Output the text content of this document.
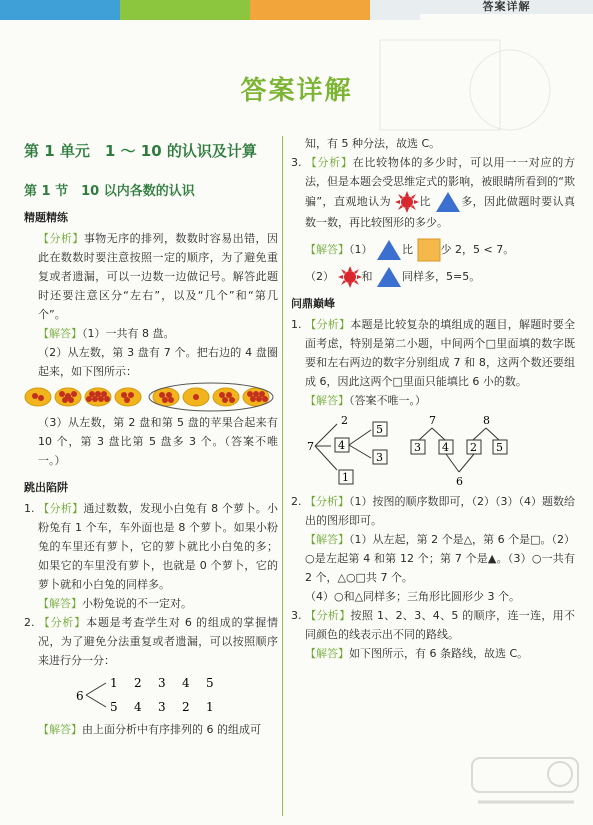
答案详解
答案详解
第 1 单元　1 ～ 10 的认识及计算
第 1 节　10 以内各数的认识
精题精练
【分析】事物无序的排列，数数时容易出错，因此在数数时要注意按照一定的顺序，为了避免重复或者遗漏，可以一边数一边做记号。解答此题时还要注意区分“左右”，以及“几个”和“第几个”。
【解答】（1）一共有 8 盘。
（2）从左数，第 3 盘有 7 个。把右边的 4 盘圈起来，如下图所示：
（3）从左数，第 2 盘和第 5 盘的苹果合起来有 10 个，第 3 盘比第 5 盘多 3 个。（答案不唯一。）
跳出陷阱
1. 【分析】通过数数，发现小白兔有 8 个萝卜。小粉兔有 1 个车，车外面也是 8 个萝卜。如果小粉兔的车里还有萝卜，它的萝卜就比小白兔的多；如果它的车里没有萝卜，也就是 0 个萝卜，它的萝卜就和小白兔的同样多。
【解答】小粉兔说的不一定对。
2. 【分析】本题是考查学生对 6 的组成的掌握情况，为了避免分法重复或者遗漏，可以按照顺序来进行分一分：
6
1 2 3 4 5
5 4 3 2 1
【解答】由上面分析中有序排列的 6 的组成可
知，有 5 种分法，故选 C。
3. 【分析】在比较物体的多少时，可以用一一对应的方法，但是本题会受思维定式的影响，被眼睛所看到的“欺骗”，直观地认为	比	多，因此做题时要认真数一数，再比较图形的多少。
【解答】（1）	比	少 2，5 < 7。
（2）	和	同样多，5=5。
问鼎巅峰
1. 【分析】本题是比较复杂的填组成的题目，解题时要全面考虑，特别是第二小题，中间两个□里面填的数字既要和左右两边的数字分别组成 7 和 8，这两个数还要组成 6，因此这两个□里面只能填比 6 小的数。
【解答】（答案不唯一。）
7 4
2
1
5
3
7	8
3 4 2 5
6
2. 【分析】（1）按图的顺序数即可，（2）（3）（4）题数给出的图形即可。
【解答】（1）从左起，第 2 个是△，第 6 个是□。（2）○是左起第 4 和第 12 个；第 7 个是▲。（3）○一共有 2 个，△○□共 7 个。
（4）○和△同样多；三角形比圆形少 3 个。
3. 【分析】按照 1、2、3、4、5 的顺序，连一连，用不同颜色的线表示出不同的路线。
【解答】如下图所示，有 6 条路线，故选 C。
